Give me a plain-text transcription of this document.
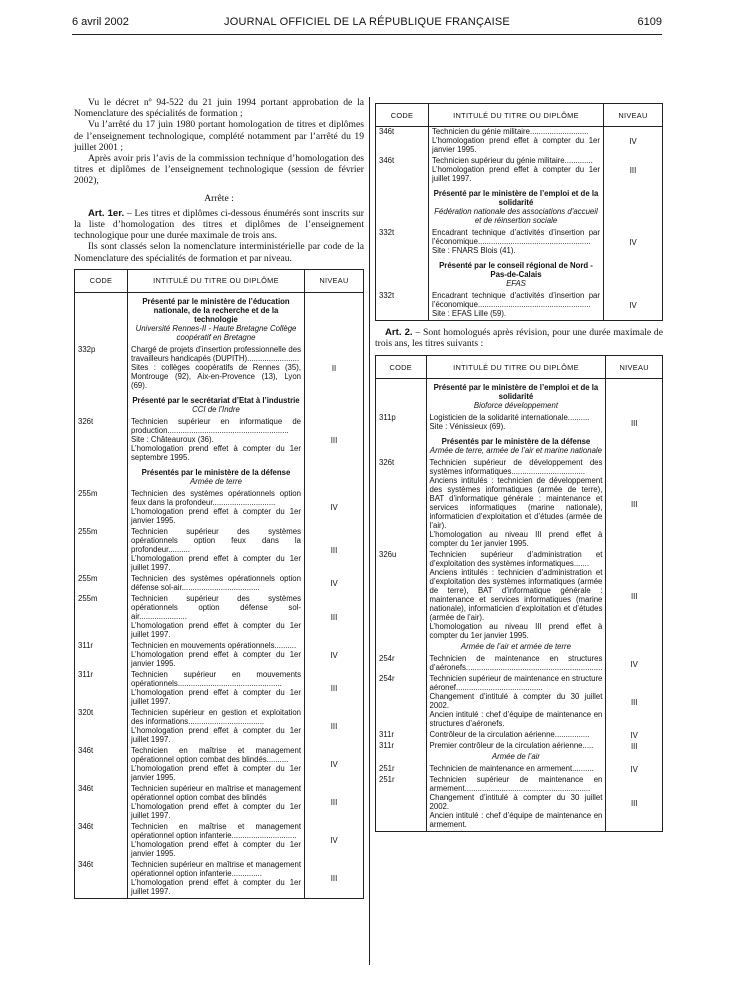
6 avril 2002	JOURNAL OFFICIEL DE LA RÉPUBLIQUE FRANÇAISE	6109

Vu le décret nº 94-522 du 21 juin 1994 portant approbation de la Nomenclature des spécialités de formation ;

Vu l’arrêté du 17 juin 1980 portant homologation de titres et diplômes de l’enseignement technologique, complété notamment par l’arrêté du 19 juillet 2001 ;

Après avoir pris l’avis de la commission technique d’homologation des titres et diplômes de l’enseignement technologique (session de février 2002),

Arrête :

Art. 1er. – Les titres et diplômes ci-dessous énumérés sont inscrits sur la liste d’homologation des titres et diplômes de l’enseignement technologique pour une durée maximale de trois ans.

Ils sont classés selon la nomenclature interministérielle par code de la Nomenclature des spécialités de formation et par niveau.

CODE	INTITULÉ DU TITRE OU DIPLÔME	NIVEAU

	Présenté par le ministère de l’éducation nationale, de la recherche et de la technologie
Université Rennes-II - Haute Bretagne Collège coopératif en Bretagne	

332p	Chargé de projets d’insertion professionnelle des travailleurs handicapés (DUPITH)........................
Sites : collèges coopératifs de Rennes (35), Montrouge (92), Aix-en-Provence (13), Lyon (69).	II

	Présenté par le secrétariat d’Etat à l’industrie
CCI de l’Indre	

326t	Technicien supérieur en informatique de production........................................................
Site : Châteauroux (36).
L’homologation prend effet à compter du 1er septembre 1995.	III

	Présentés par le ministère de la défense
Armée de terre	

255m	Technicien des systèmes opérationnels option feux dans la profondeur.............................
L’homologation prend effet à compter du 1er janvier 1995.	IV
255m	Technicien supérieur des systèmes opérationnels option feux dans la profondeur..........
L’homologation prend effet à compter du 1er juillet 1997.	III
255m	Technicien des systèmes opérationnels option défense sol-air....................................	IV
255m	Technicien supérieur des systèmes opérationnels option défense sol-air......................
L’homologation prend effet à compter du 1er juillet 1997.	III
311r	Technicien en mouvements opérationnels..........
L’homologation prend effet à compter du 1er janvier 1995.	IV
311r	Technicien supérieur en mouvements opérationnels................................................
L’homologation prend effet à compter du 1er juillet 1997.	III
320t	Technicien supérieur en gestion et exploitation des informations...................................
L’homologation prend effet à compter du 1er juillet 1997.	III
346t	Technicien en maîtrise et management opérationnel option combat des blindés..........
L’homologation prend effet à compter du 1er janvier 1995.	IV
346t	Technicien supérieur en maîtrise et management opérationnel option combat des blindés
L’homologation prend effet à compter du 1er juillet 1997.	III
346t	Technicien en maîtrise et management opérationnel option infanterie..............................
L’homologation prend effet à compter du 1er janvier 1995.	IV
346t	Technicien supérieur en maîtrise et management opérationnel option infanterie..............
L’homologation prend effet à compter du 1er juillet 1997.	III
CODE	INTITULÉ DU TITRE OU DIPLÔME	NIVEAU
346t	Technicien du génie militaire...........................
L’homologation prend effet à compter du 1er janvier 1995.	IV
346t	Technicien supérieur du génie militaire.............
L’homologation prend effet à compter du 1er juillet 1997.	III

	Présenté par le ministère de l’emploi et de la solidarité
Fédération nationale des associations d’accueil et de réinsertion sociale	

332t	Encadrant technique d’activités d’insertion par l’économique....................................................
Site : FNARS Blois (41).	IV

	Présenté par le conseil régional de Nord - Pas-de-Calais
EFAS	

332t	Encadrant technique d’activités d’insertion par l’économique....................................................
Site : EFAS Lille (59).	IV

Art. 2. – Sont homologués après révision, pour une durée maximale de trois ans, les titres suivants :

CODE	INTITULÉ DU TITRE OU DIPLÔME	NIVEAU

	Présenté par le ministère de l’emploi et de la solidarité
Bioforce développement	

311p	Logisticien de la solidarité internationale..........
Site : Vénissieux (69).	III

	Présentés par le ministère de la défense
Armée de terre, armée de l’air et marine nationale	

326t	Technicien supérieur de développement des systèmes informatiques..................................
Anciens intitulés : technicien de développement des systèmes informatiques (armée de terre), BAT d’informatique générale : maintenance et services informatiques (marine nationale), informaticien d’exploitation et d’études (armée de l’air).
L’homologation au niveau III prend effet à compter du 1er janvier 1995.	III
326u	Technicien supérieur d’administration et d’exploitation des systèmes informatiques.......
Anciens intitulés : technicien d’administration et d’exploitation des systèmes informatiques (armée de terre), BAT d’informatique générale : maintenance et services informatiques (marine nationale), informaticien d’exploitation et d’études (armée de l’air).
L’homologation au niveau III prend effet à compter du 1er janvier 1995.	III

	Armée de l’air et armée de terre	

254r	Technicien de maintenance en structures d’aéronefs...............................................................	IV
254r	Technicien supérieur de maintenance en structure aéronef........................................
Changement d’intitulé à compter du 30 juillet 2002.
Ancien intitulé : chef d’équipe de maintenance en structures d’aéronefs.	III
311r	Contrôleur de la circulation aérienne................	IV
311r	Premier contrôleur de la circulation aérienne.....	III

	Armée de l’air	

251r	Technicien de maintenance en armement..........	IV
251r	Technicien supérieur de maintenance en armement..........................................................
Changement d’intitulé à compter du 30 juillet 2002.
Ancien intitulé : chef d’équipe de maintenance en armement.	III
